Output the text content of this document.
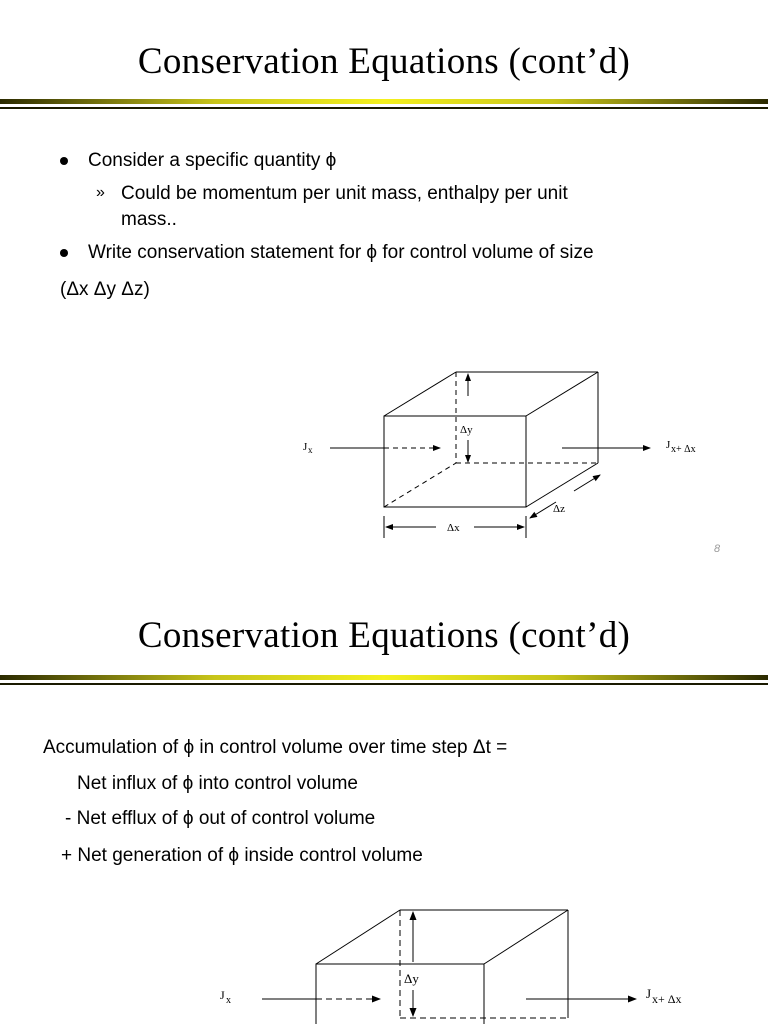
Conservation Equations (cont’d)
Consider a specific quantity ϕ
» Could be momentum per unit mass, enthalpy per unit
mass..
Write conservation statement for ϕ for control volume of size
(Δx Δy Δz)
J x	J x+ Δx
Δy
Δx
Δz
8
Conservation Equations (cont’d)
Accumulation of ϕ in control volume over time step Δt =
Net influx of ϕ into control volume
- Net efflux of ϕ out of control volume
+ Net generation of ϕ inside control volume
J x	J x+ Δx
Δy
